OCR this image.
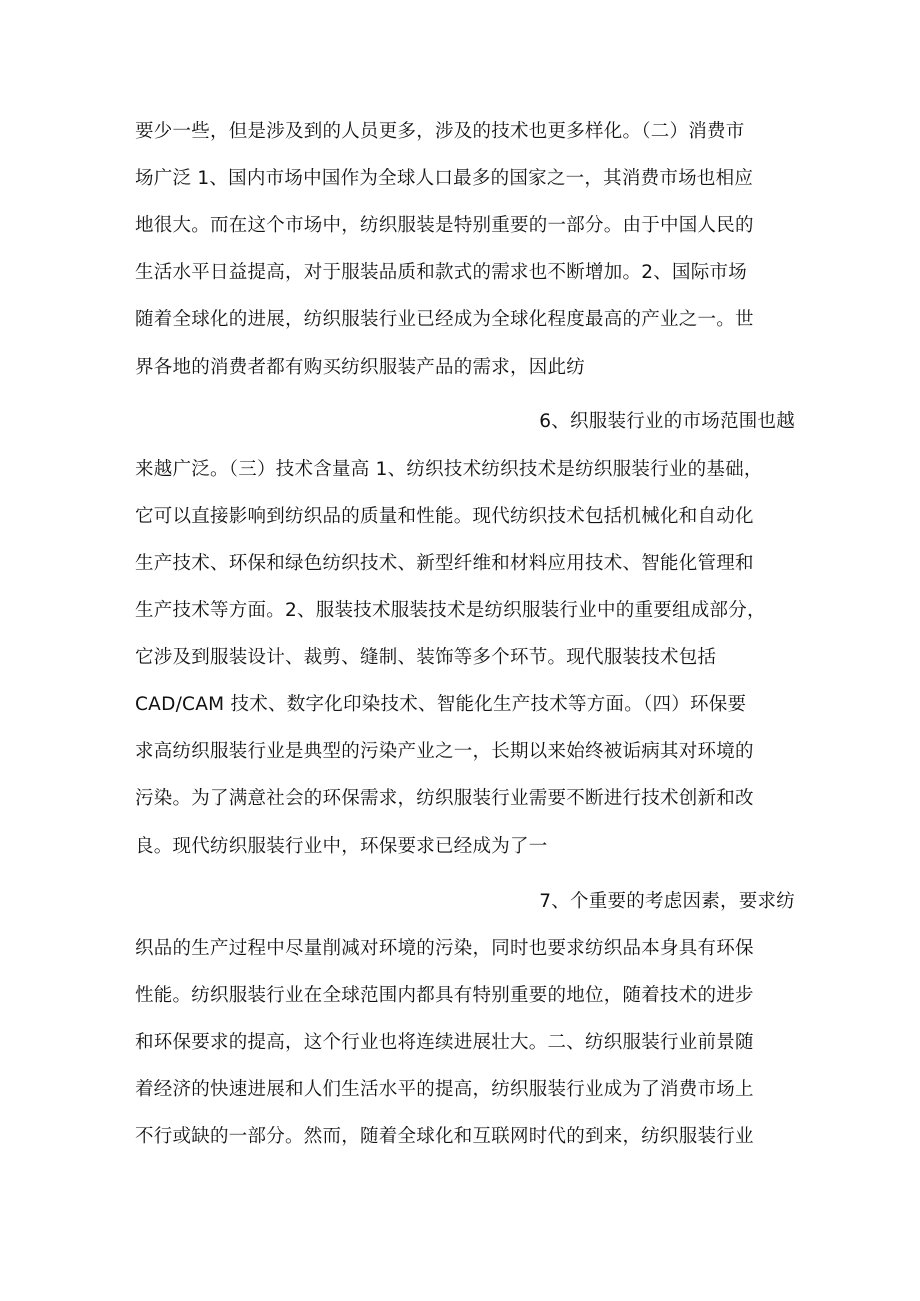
要少一些，但是涉及到的人员更多，涉及的技术也更多样化。（二）消费市
场广泛 1、国内市场中国作为全球人口最多的国家之一，其消费市场也相应
地很大。而在这个市场中，纺织服装是特别重要的一部分。由于中国人民的
生活水平日益提高，对于服装品质和款式的需求也不断增加。2、国际市场
随着全球化的进展，纺织服装行业已经成为全球化程度最高的产业之一。世
界各地的消费者都有购买纺织服装产品的需求，因此纺
6、织服装行业的市场范围也越
来越广泛。（三）技术含量高 1、纺织技术纺织技术是纺织服装行业的基础，
它可以直接影响到纺织品的质量和性能。现代纺织技术包括机械化和自动化
生产技术、环保和绿色纺织技术、新型纤维和材料应用技术、智能化管理和
生产技术等方面。2、服装技术服装技术是纺织服装行业中的重要组成部分，
它涉及到服装设计、裁剪、缝制、装饰等多个环节。现代服装技术包括
CAD/CAM 技术、数字化印染技术、智能化生产技术等方面。（四）环保要
求高纺织服装行业是典型的污染产业之一，长期以来始终被诟病其对环境的
污染。为了满意社会的环保需求，纺织服装行业需要不断进行技术创新和改
良。现代纺织服装行业中，环保要求已经成为了一
7、个重要的考虑因素，要求纺
织品的生产过程中尽量削减对环境的污染，同时也要求纺织品本身具有环保
性能。纺织服装行业在全球范围内都具有特别重要的地位，随着技术的进步
和环保要求的提高，这个行业也将连续进展壮大。二、纺织服装行业前景随
着经济的快速进展和人们生活水平的提高，纺织服装行业成为了消费市场上
不行或缺的一部分。然而，随着全球化和互联网时代的到来，纺织服装行业
